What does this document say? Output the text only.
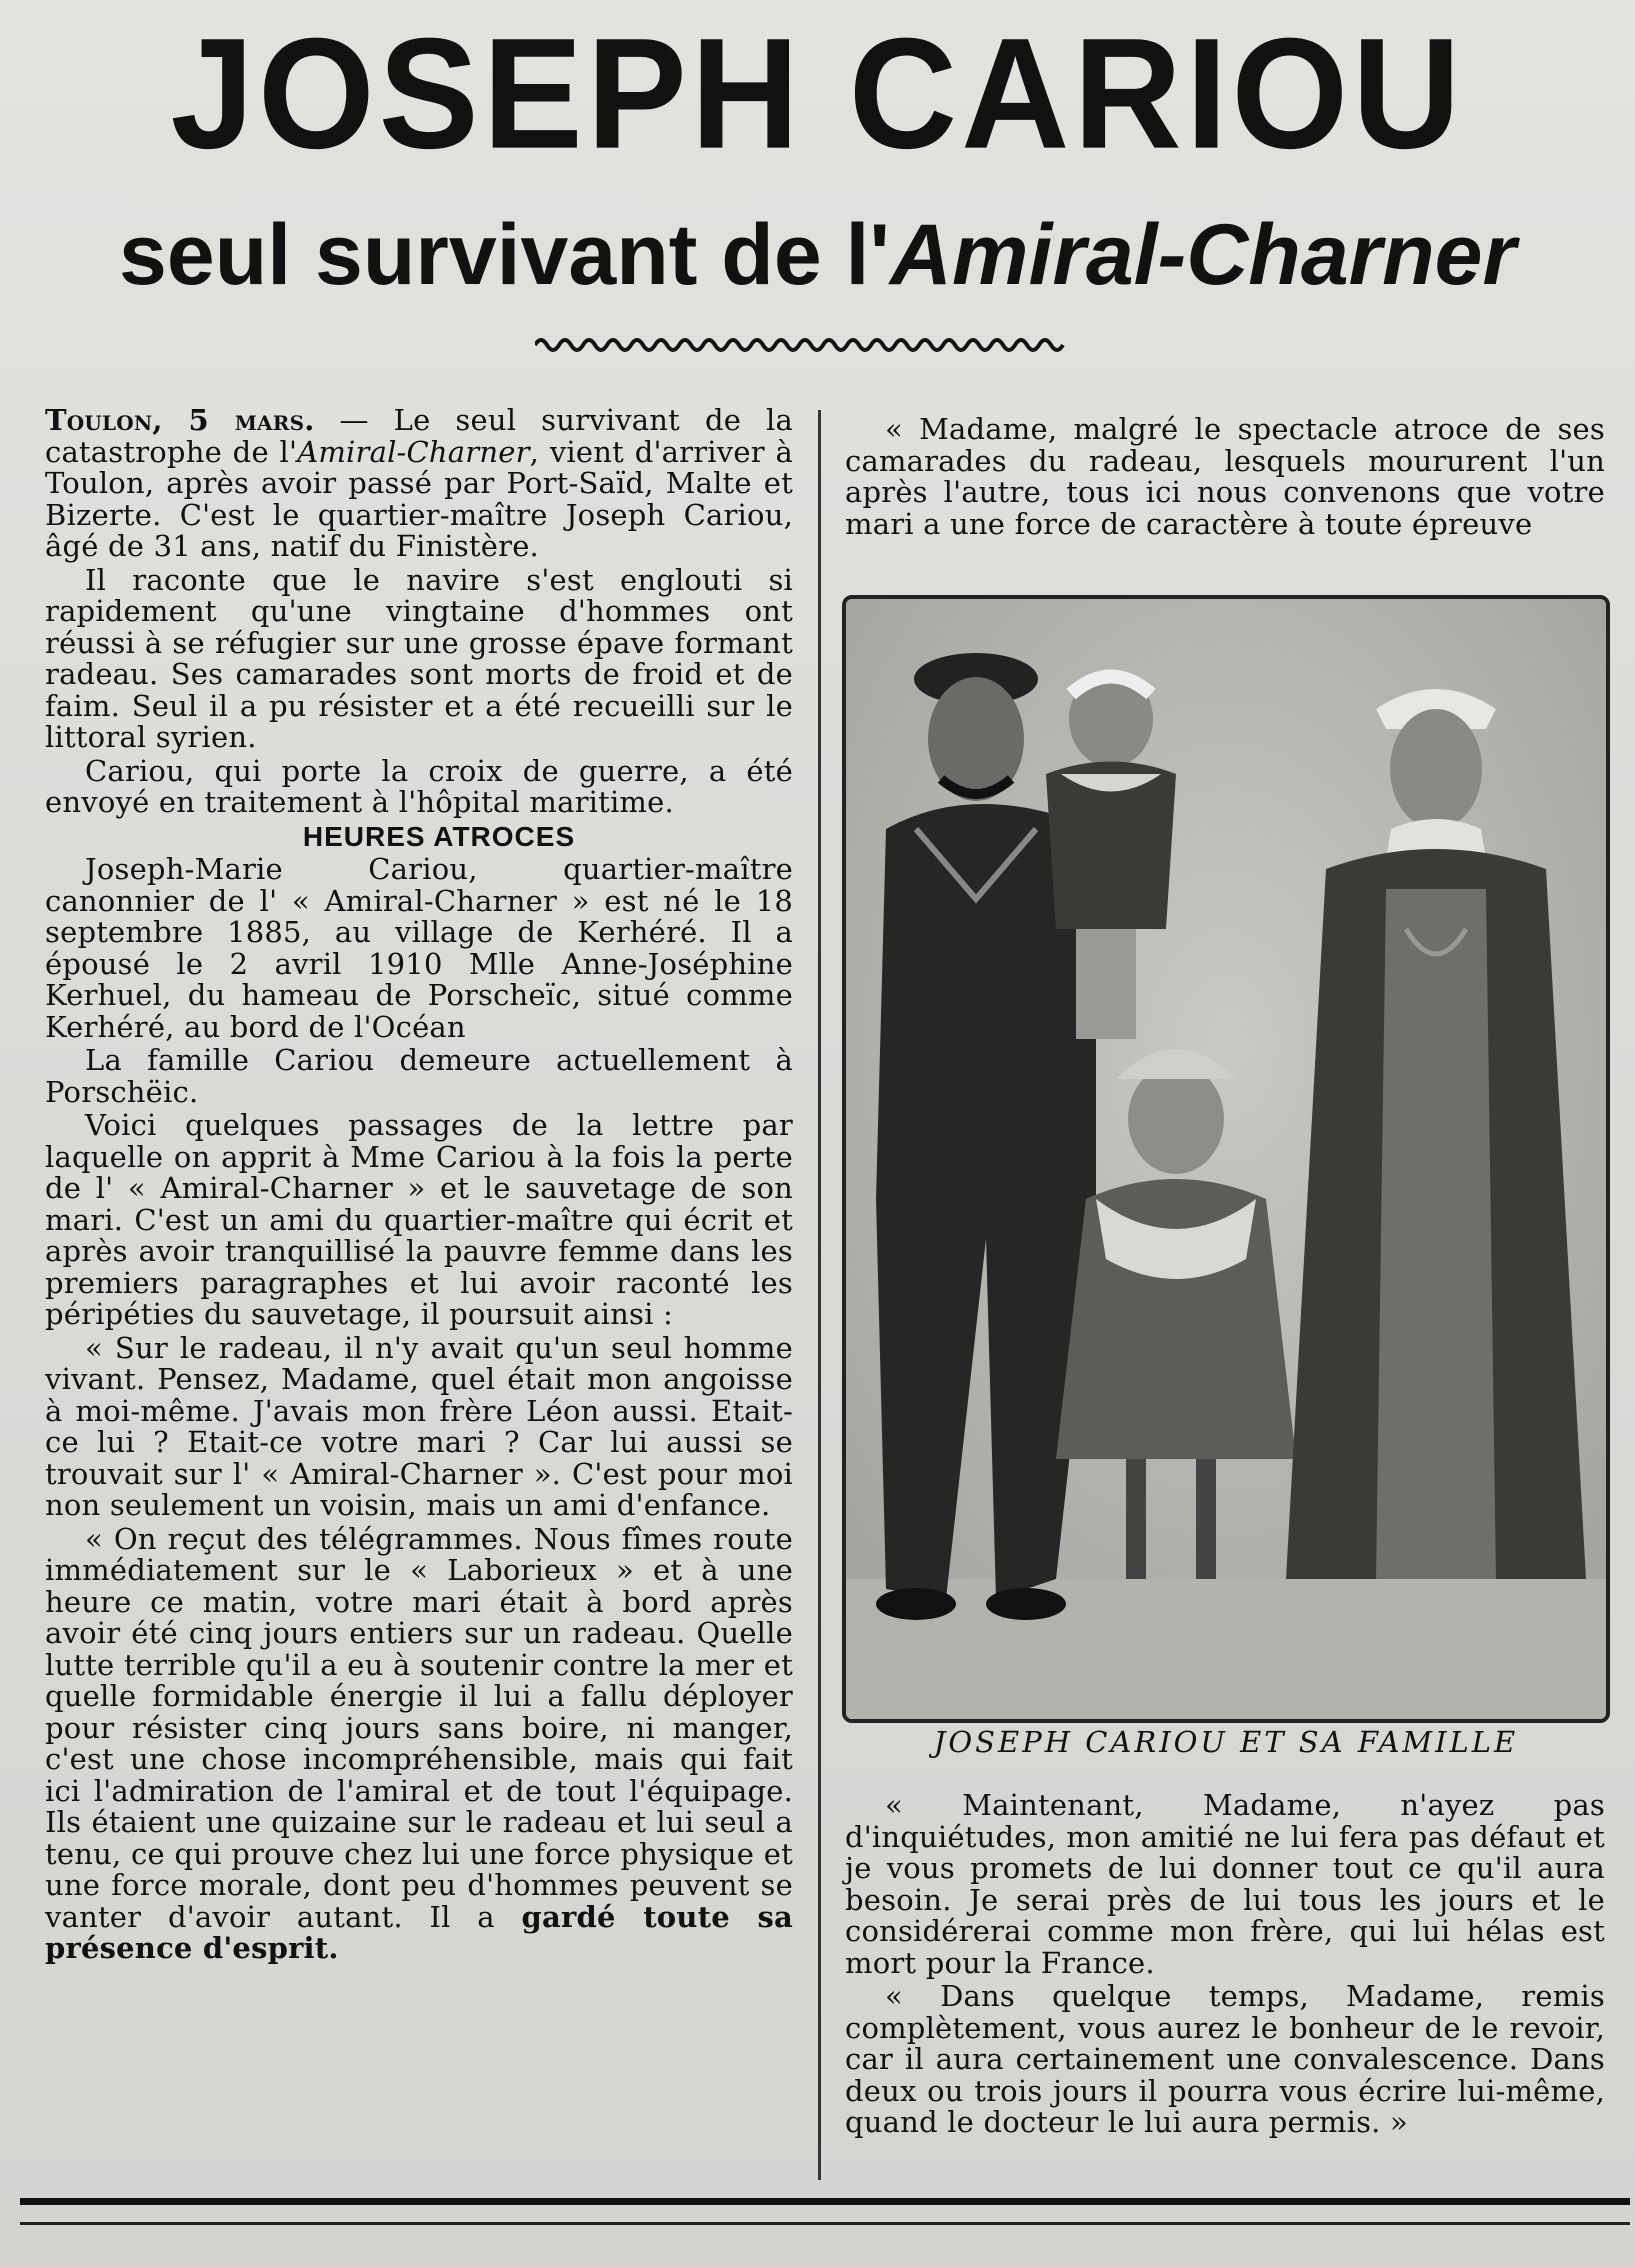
JOSEPH CARIOU
seul survivant de l'Amiral-Charner

Toulon, 5 mars. — Le seul survivant de la catastrophe de l'Amiral-Charner, vient d'arriver à Toulon, après avoir passé par Port-Saïd, Malte et Bizerte. C'est le quartier-maître Joseph Cariou, âgé de 31 ans, natif du Finistère.

Il raconte que le navire s'est englouti si rapidement qu'une vingtaine d'hommes ont réussi à se réfugier sur une grosse épave formant radeau. Ses camarades sont morts de froid et de faim. Seul il a pu résister et a été recueilli sur le littoral syrien.

Cariou, qui porte la croix de guerre, a été envoyé en traitement à l'hôpital maritime.

HEURES ATROCES

Joseph-Marie Cariou, quartier-maître canonnier de l' « Amiral-Charner » est né le 18 septembre 1885, au village de Kerhéré. Il a épousé le 2 avril 1910 Mlle Anne-Joséphine Kerhuel, du hameau de Porscheïc, situé comme Kerhéré, au bord de l'Océan

La famille Cariou demeure actuellement à Porschëic.

Voici quelques passages de la lettre par laquelle on apprit à Mme Cariou à la fois la perte de l' « Amiral-Charner » et le sauvetage de son mari. C'est un ami du quartier-maître qui écrit et après avoir tranquillisé la pauvre femme dans les premiers paragraphes et lui avoir raconté les péripéties du sauvetage, il poursuit ainsi :

« Sur le radeau, il n'y avait qu'un seul homme vivant. Pensez, Madame, quel était mon angoisse à moi-même. J'avais mon frère Léon aussi. Etait-ce lui ? Etait-ce votre mari ? Car lui aussi se trouvait sur l' « Amiral-Charner ». C'est pour moi non seulement un voisin, mais un ami d'enfance.

« On reçut des télégrammes. Nous fîmes route immédiatement sur le « Laborieux » et à une heure ce matin, votre mari était à bord après avoir été cinq jours entiers sur un radeau. Quelle lutte terrible qu'il a eu à soutenir contre la mer et quelle formidable énergie il lui a fallu déployer pour résister cinq jours sans boire, ni manger, c'est une chose incompréhensible, mais qui fait ici l'admiration de l'amiral et de tout l'équipage. Ils étaient une quizaine sur le radeau et lui seul a tenu, ce qui prouve chez lui une force physique et une force morale, dont peu d'hommes peuvent se vanter d'avoir autant. Il a gardé toute sa présence d'esprit.

« Madame, malgré le spectacle atroce de ses camarades du radeau, lesquels moururent l'un après l'autre, tous ici nous convenons que votre mari a une force de caractère à toute épreuve

JOSEPH CARIOU ET SA FAMILLE

« Maintenant, Madame, n'ayez pas d'inquiétudes, mon amitié ne lui fera pas défaut et je vous promets de lui donner tout ce qu'il aura besoin. Je serai près de lui tous les jours et le considérerai comme mon frère, qui lui hélas est mort pour la France.

« Dans quelque temps, Madame, remis complètement, vous aurez le bonheur de le revoir, car il aura certainement une convalescence. Dans deux ou trois jours il pourra vous écrire lui-même, quand le docteur le lui aura permis. »
